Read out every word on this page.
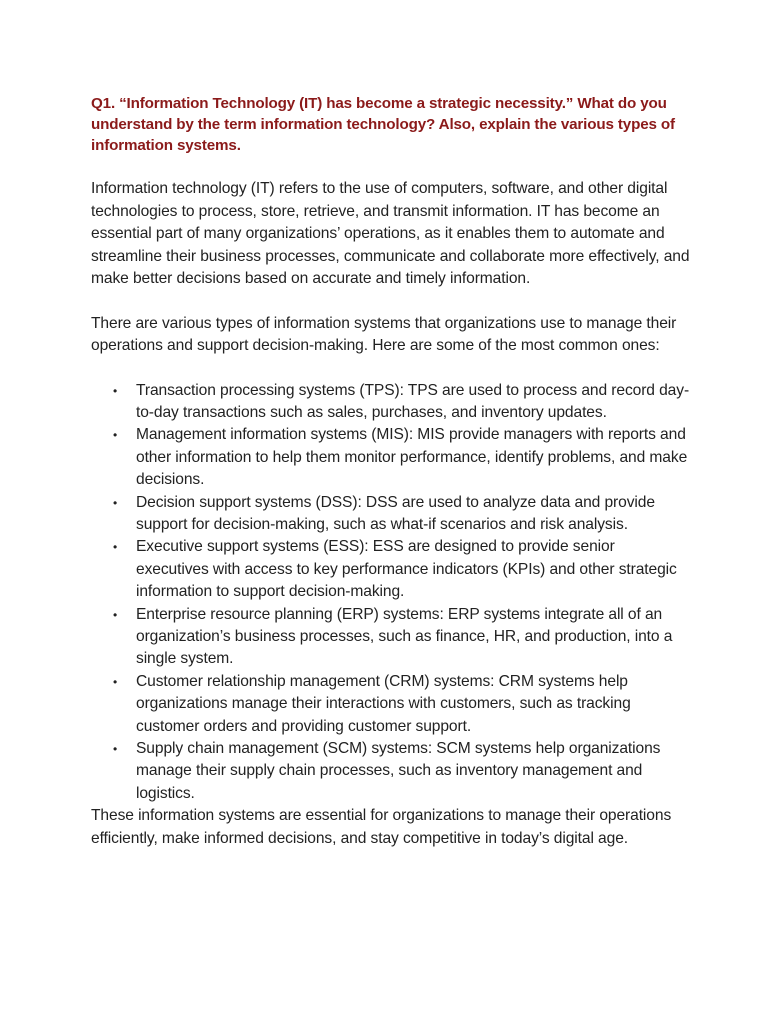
Q1. “Information Technology (IT) has become a strategic necessity.” What do you understand by the term information technology? Also, explain the various types of information systems.

Information technology (IT) refers to the use of computers, software, and other digital technologies to process, store, retrieve, and transmit information. IT has become an essential part of many organizations’ operations, as it enables them to automate and streamline their business processes, communicate and collaborate more effectively, and make better decisions based on accurate and timely information.

There are various types of information systems that organizations use to manage their operations and support decision-making. Here are some of the most common ones:

• Transaction processing systems (TPS): TPS are used to process and record day-to-day transactions such as sales, purchases, and inventory updates.
• Management information systems (MIS): MIS provide managers with reports and other information to help them monitor performance, identify problems, and make decisions.
• Decision support systems (DSS): DSS are used to analyze data and provide support for decision-making, such as what-if scenarios and risk analysis.
• Executive support systems (ESS): ESS are designed to provide senior executives with access to key performance indicators (KPIs) and other strategic information to support decision-making.
• Enterprise resource planning (ERP) systems: ERP systems integrate all of an organization’s business processes, such as finance, HR, and production, into a single system.
• Customer relationship management (CRM) systems: CRM systems help organizations manage their interactions with customers, such as tracking customer orders and providing customer support.
• Supply chain management (SCM) systems: SCM systems help organizations manage their supply chain processes, such as inventory management and logistics.

These information systems are essential for organizations to manage their operations efficiently, make informed decisions, and stay competitive in today’s digital age.
